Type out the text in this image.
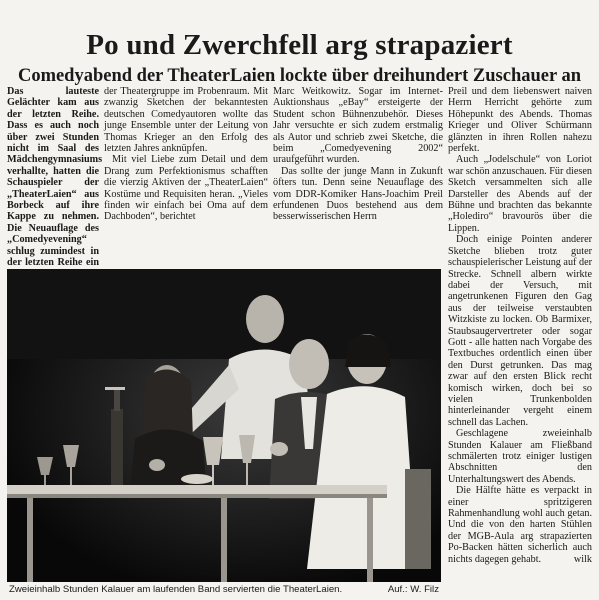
Po und Zwerchfell arg strapaziert
Comedyabend der TheaterLaien lockte über dreihundert Zuschauer an

Das lauteste Gelächter kam aus der letzten Reihe. Dass es auch noch über zwei Stunden nicht im Saal des Mädchengymnasiums verhallte, hatten die Schauspieler der „TheaterLaien“ aus Borbeck auf ihre Kappe zu nehmen. Die Neuauflage des „Comedyevening“ schlug zumindest in der letzten Reihe ein

der Theatergruppe im Probenraum. Mit zwanzig Sketchen der bekanntesten deutschen Comedyautoren wollte das junge Ensemble unter der Leitung von Thomas Krieger an den Erfolg des letzten Jahres anknüpfen.

Mit viel Liebe zum Detail und dem Drang zum Perfektionismus schafften die vierzig Aktiven der „TheaterLaien“ Kostüme und Requisiten heran. „Vieles finden wir einfach bei Oma auf dem Dachboden“, berichtet

Marc Weitkowitz. Sogar im Internet-Auktionshaus „eBay“ ersteigerte der Student schon Bühnenzubehör. Dieses Jahr versuchte er sich zudem erstmalig als Autor und schrieb zwei Sketche, die beim „Comedyevening 2002“ uraufgeführt wurden.

Das sollte der junge Mann in Zukunft öfters tun. Denn seine Neuauflage des vom DDR-Komiker Hans-Joachim Preil erfundenen Duos bestehend aus dem besserwisserischen Herrn

Preil und dem liebenswert naiven Herrn Herricht gehörte zum Höhepunkt des Abends. Thomas Krieger und Oliver Schürmann glänzten in ihren Rollen nahezu perfekt.

Auch „Jodelschule“ von Loriot war schön anzuschauen. Für diesen Sketch versammelten sich alle Darsteller des Abends auf der Bühne und brachten das bekannte „Holediro“ bravourös über die Lippen.

Doch einige Pointen anderer Sketche blieben trotz guter schauspielerischer Leistung auf der Strecke. Schnell albern wirkte dabei der Versuch, mit angetrunkenen Figuren den Gag aus der teilweise verstaubten Witzkiste zu locken. Ob Barmixer, Staubsaugervertreter oder sogar Gott - alle hatten nach Vorgabe des Textbuches ordentlich einen über den Durst getrunken. Das mag zwar auf den ersten Blick recht komisch wirken, doch bei so vielen Trunkenbolden hinterleinander vergeht einem schnell das Lachen.

Geschlagene zweieinhalb Stunden Kalauer am Fließband schmälerten trotz einiger lustigen Abschnitten den Unterhaltungswert des Abends.

Die Hälfte hätte es verpackt in einer spritzigeren Rahmenhandlung wohl auch getan. Und die von den harten Stühlen der MGB-Aula arg strapazierten Po-Backen hätten sicherlich auch nichts dagegen gehabt.	wilk

Zweieinhalb Stunden Kalauer am laufenden Band servierten die TheaterLaien.	Auf.: W. Filz
